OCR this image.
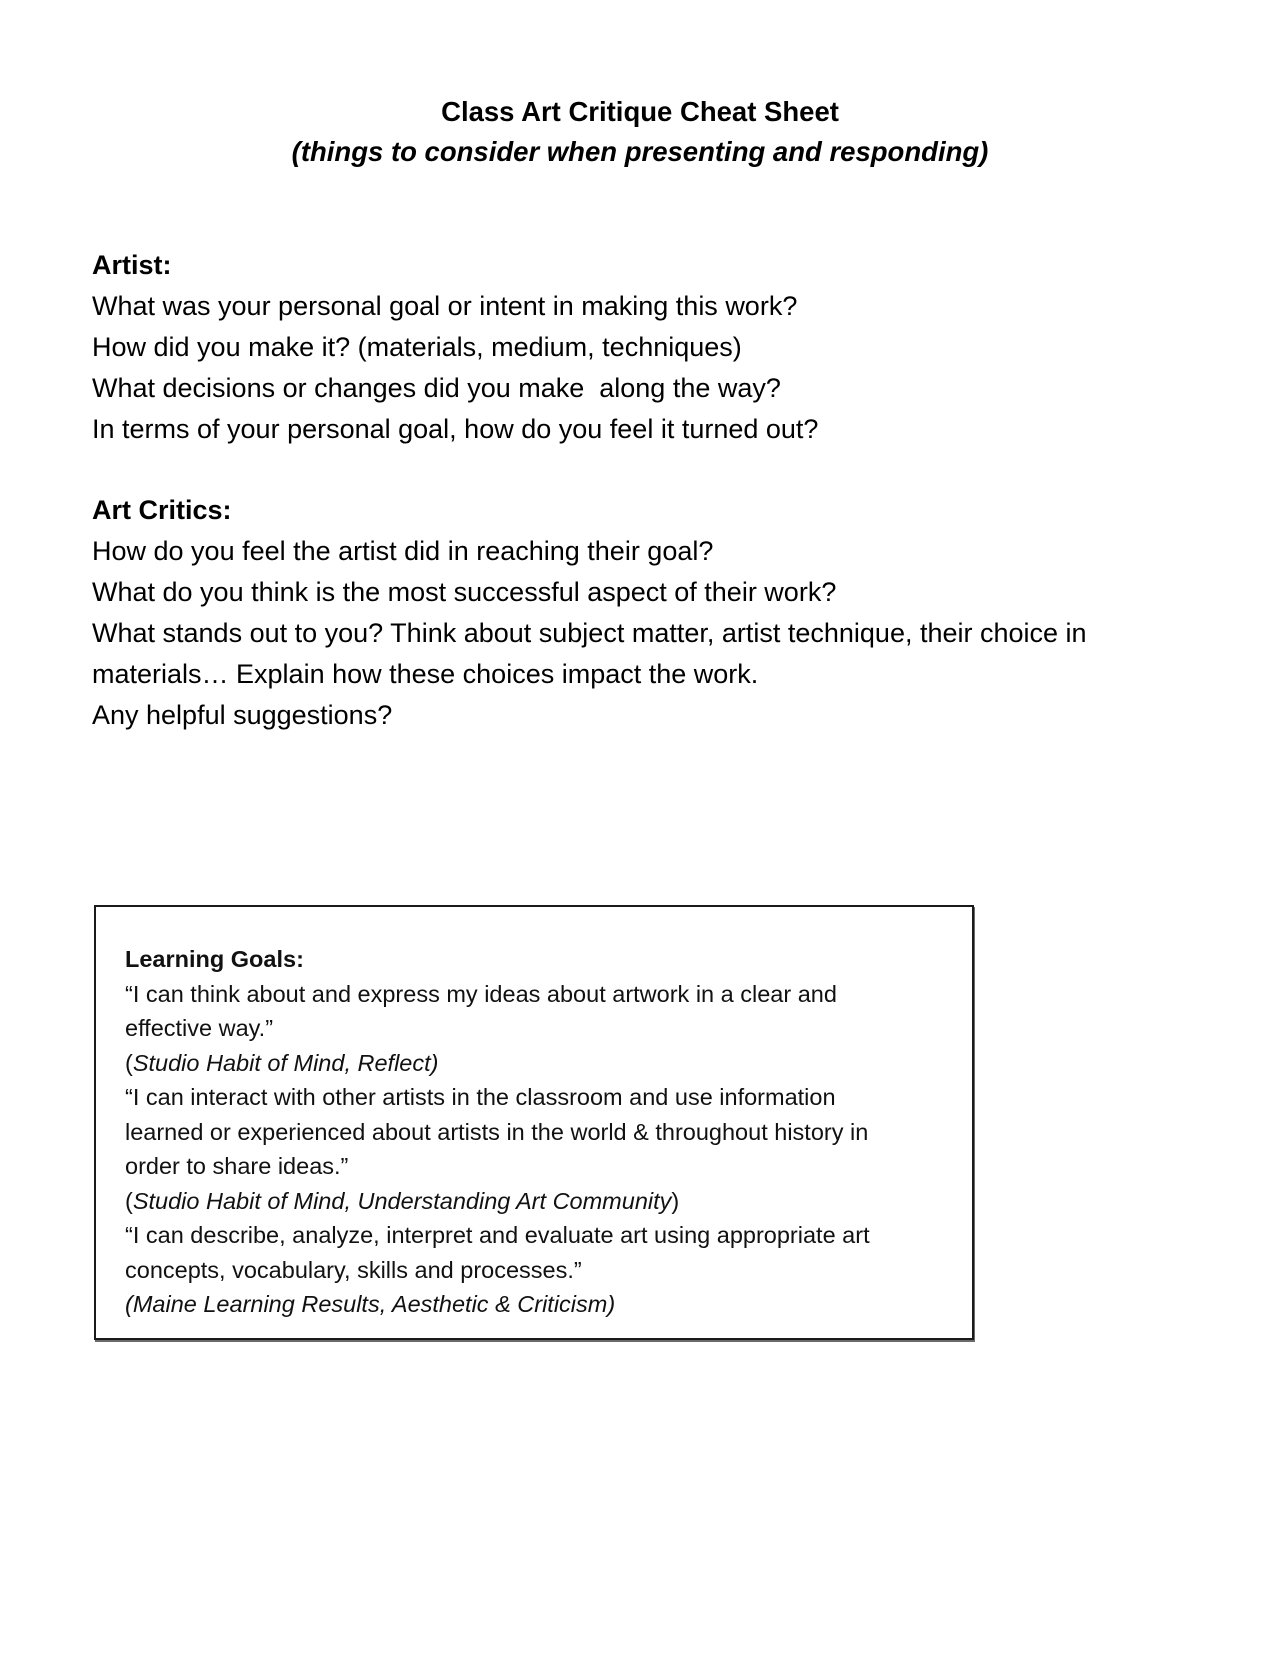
Class Art Critique Cheat Sheet

(things to consider when presenting and responding)

Artist:

What was your personal goal or intent in making this work?

How did you make it? (materials, medium, techniques)

What decisions or changes did you make  along the way?

In terms of your personal goal, how do you feel it turned out?

Art Critics:

How do you feel the artist did in reaching their goal?

What do you think is the most successful aspect of their work?

What stands out to you? Think about subject matter, artist technique, their choice in

materials… Explain how these choices impact the work.

Any helpful suggestions?

Learning Goals:

“I can think about and express my ideas about artwork in a clear and

effective way.”

(Studio Habit of Mind, Reflect)

“I can interact with other artists in the classroom and use information

learned or experienced about artists in the world & throughout history in

order to share ideas.”

(Studio Habit of Mind, Understanding Art Community)

“I can describe, analyze, interpret and evaluate art using appropriate art

concepts, vocabulary, skills and processes.”

(Maine Learning Results, Aesthetic & Criticism)
